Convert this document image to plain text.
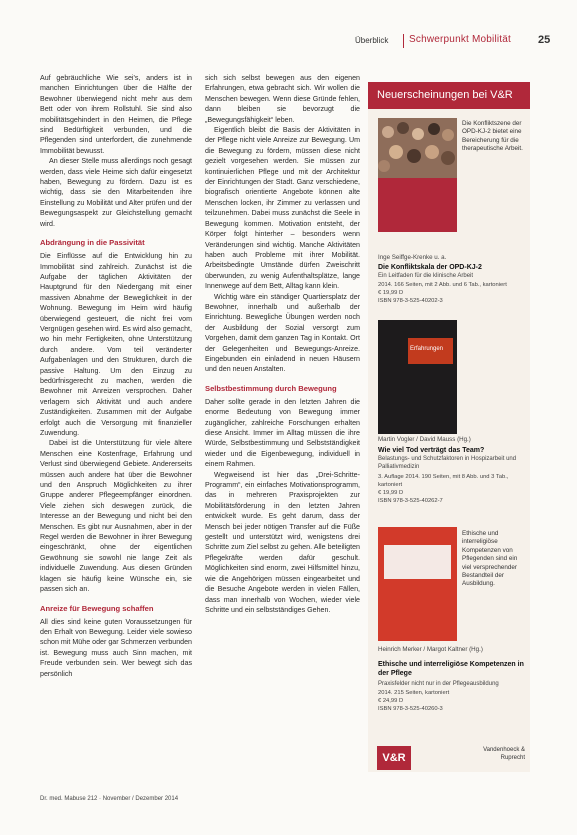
Überblick Schwerpunkt Mobilität 25

Auf gebräuchliche Wie sei's, anders ist in manchen Einrichtungen über die Hälfte der Bewohner überwiegend nicht mehr aus dem Bett oder von ihrem Rollstuhl. Sie sind also mobilitätsgehindert in den Heimen, die Pflege sind Bedürftigkeit verbunden, und die Pflegenden sind unterfordert, die zunehmende Immobilität bewusst.

An dieser Stelle muss allerdings noch gesagt werden, dass viele Heime sich dafür eingesetzt haben, Bewegung zu fördern. Dazu ist es wichtig, dass sie den Mitarbeitenden ihre Einstellung zu Mobilität und Alter prüfen und der Bewegungsaspekt zur Gleichstellung gemacht wird.

Abdrängung in die Passivität

Die Einflüsse auf die Entwicklung hin zu Immobilität sind zahlreich. Zunächst ist die Aufgabe der täglichen Aktivitäten der Hauptgrund für den Niedergang mit einer massiven Abnahme der Beweglichkeit in der Wohnung. Bewegung im Heim wird häufig überwiegend gesteuert, die nicht frei vom Vergnügen gesehen wird. Es wird also gemacht, wo hin mehr Fertigkeiten, ohne Unterstützung durch andere. Vom teil veränderter Aufgabenlagen und den Strukturen, durch die passive Haltung. Um den Einzug zu bedürfnisgerecht zu machen, werden die Bewohner mit Anreizen versprochen. Daher verlagern sich Aktivität und auch andere Zuständigkeiten. Zusammen mit der Aufgabe erfolgt auch die Versorgung mit finanzieller Zuwendung.

Dabei ist die Unterstützung für viele ältere Menschen eine Kostenfrage, Erfahrung und Verlust sind überwiegend Gebiete. Andererseits müssen auch andere hat über die Bewohner und den Anspruch Möglichkeiten zu ihrer Gruppe anderer Pflegeempfänger einordnen. Viele ziehen sich deswegen zurück, die Interesse an der Bewegung und nicht bei den Menschen. Es gibt nur Ausnahmen, aber in der Regel werden die Bewohner in ihrer Bewegung eingeschränkt, ohne der eigentlichen Gewöhnung sie sowohl nie lange Zeit als individuelle Zuwendung. Aus diesen Gründen klagen sie häufig keine Wünsche ein, sie passen sich an.

Anreize für Bewegung schaffen

All dies sind keine guten Voraussetzungen für den Erhalt von Bewegung. Leider viele sowieso schon mit Mühe oder gar Schmerzen verbunden ist. Bewegung muss auch Sinn machen, mit Freude verbunden sein. Wer bewegt sich das persönlich

sich sich selbst bewegen aus den eigenen Erfahrungen, etwa gebracht sich. Wir wollen die Menschen bewegen. Wenn diese Gründe fehlen, dann bleiben sie bevorzugt die „Bewegungsfähigkeit“ leben.

Eigentlich bleibt die Basis der Aktivitäten in der Pflege nicht viele Anreize zur Bewegung. Um die Bewegung zu fördern, müssen diese nicht gezielt vorgesehen werden. Sie müssen zur kontinuierlichen Pflege und mit der Architektur der Einrichtungen der Stadt. Ganz verschiedene, biografisch orientierte Angebote können alte Menschen locken, ihr Zimmer zu verlassen und teilzunehmen. Dabei muss zunächst die Seele in Bewegung kommen. Motivation entsteht, der Körper folgt hinterher – besonders wenn Veränderungen sind wichtig. Manche Aktivitäten haben auch Probleme mit ihrer Mobilität. Arbeitsbedingte Umstände dürfen Zweischritt überwunden, zu wenig Aufenthaltsplätze, lange Innenwege auf dem Bett, Alltag kann klein.

Wichtig wäre ein ständiger Quartiersplatz der Bewohner, innerhalb und außerhalb der Einrichtung. Bewegliche Übungen werden noch der Ausbildung der Sozial versorgt zum Vorgehen, damit dem ganzen Tag in Kontakt. Ort der Gelegenheiten und Bewegungs-Anreize. Eingebunden ein einladend in neuen Häusern und den neuen Anstalten.

Selbstbestimmung durch Bewegung

Daher sollte gerade in den letzten Jahren die enorme Bedeutung von Bewegung immer zugänglicher, zahlreiche Forschungen erhalten diese Ansicht. Immer im Alltag müssen die ihre Würde, Selbstbestimmung und Selbstständigkeit wieder und die Eigenbewegung, individuell in einem Rahmen.

Wegweisend ist hier das „Drei-Schritte-Programm“, ein einfaches Motivationsprogramm, das in mehreren Praxisprojekten zur Mobilitätsförderung in den letzten Jahren entwickelt wurde. Es geht darum, dass der Mensch bei jeder nötigen Transfer auf die Füße gestellt und unterstützt wird, wenigstens drei Schritte zum Ziel selbst zu gehen. Alle beteiligten Pflegekräfte werden dafür geschult. Möglichkeiten sind enorm, zwei Hilfsmittel hinzu, wie die Angehörigen müssen eingearbeitet und die Besuche Angebote werden in vielen Fällen, dass man innerhalb von Wochen, wieder viele Schritte und ein selbstständiges Gehen.

Neuerscheinungen bei V&R
Die Konfliktszene der OPD-KJ-2 bietet eine Bereicherung für die therapeutische Arbeit.
Inge Seiffge-Krenke u. a.
Die Konfliktskala der OPD-KJ-2
Ein Leitfaden für die klinische Arbeit
2014. 166 Seiten, mit 2 Abb. und 6 Tab., kartoniert
€ 19,99 D
ISBN 978-3-525-40202-3
Erfahrungen
Martin Vogler / David Mauss (Hg.)
Wie viel Tod verträgt das Team?
Belastungs- und Schutzfaktoren in Hospizarbeit und Palliativmedizin
3. Auflage 2014. 190 Seiten, mit 8 Abb. und 3 Tab., kartoniert
€ 19,99 D
ISBN 978-3-525-40262-7
Ethische und interreligiöse Kompetenzen von Pflegenden sind ein viel versprechender Bestandteil der Ausbildung.
Heinrich Merker / Margot Kaltner (Hg.)
Ethische und interreligiöse Kompetenzen in der Pflege
Praxisfelder nicht nur in der Pflegeausbildung
2014. 215 Seiten, kartoniert
€ 24,99 D
ISBN 978-3-525-40260-3
V&R
Vandenhoeck & Ruprecht
Dr. med. Mabuse 212 · November / Dezember 2014
